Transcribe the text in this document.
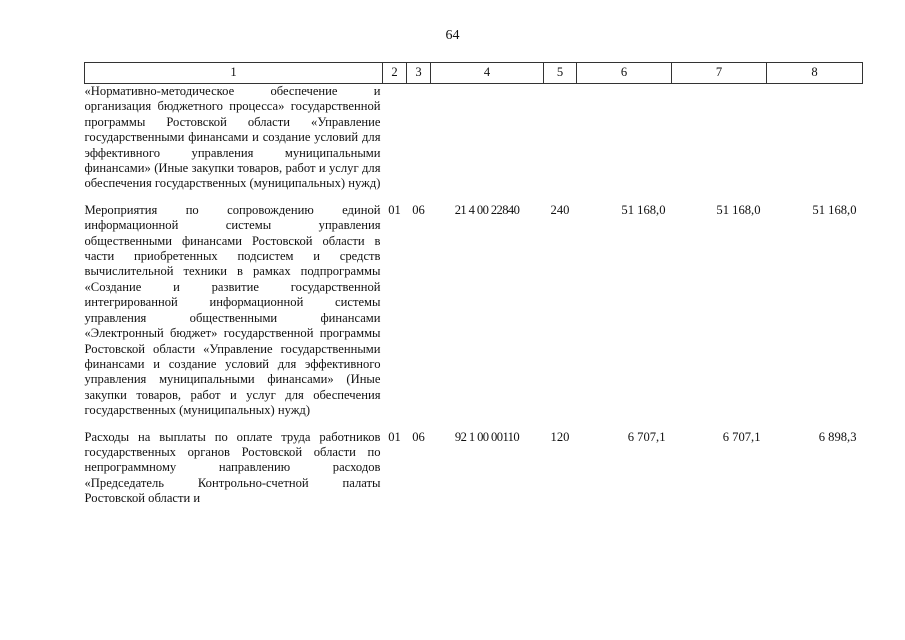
64
1	2	3	4	5	6	7	8
«Нормативно-методическое обеспечение и организация бюджетного процесса» государственной программы Ростовской области «Управление государственными финансами и создание условий для эффективного управления муниципальными финансами» (Иные закупки товаров, работ и услуг для обеспечения государственных (муниципальных) нужд)							
Мероприятия по сопровождению единой информационной системы управления общественными финансами Ростовской области в части приобретенных подсистем и средств вычислительной техники в рамках подпрограммы «Создание и развитие государственной интегрированной информационной системы управления общественными финансами «Электронный бюджет» государственной программы Ростовской области «Управление государственными финансами и создание условий для эффективного управления муниципальными финансами» (Иные закупки товаров, работ и услуг для обеспечения государственных (муниципальных) нужд)	01	06	21 4 00 22840	240	51 168,0	51 168,0	51 168,0
Расходы на выплаты по оплате труда работников государственных органов Ростовской области по непрограммному направлению расходов «Председатель Контрольно-счетной палаты Ростовской области и	01	06	92 1 00 00110	120	6 707,1	6 707,1	6 898,3
